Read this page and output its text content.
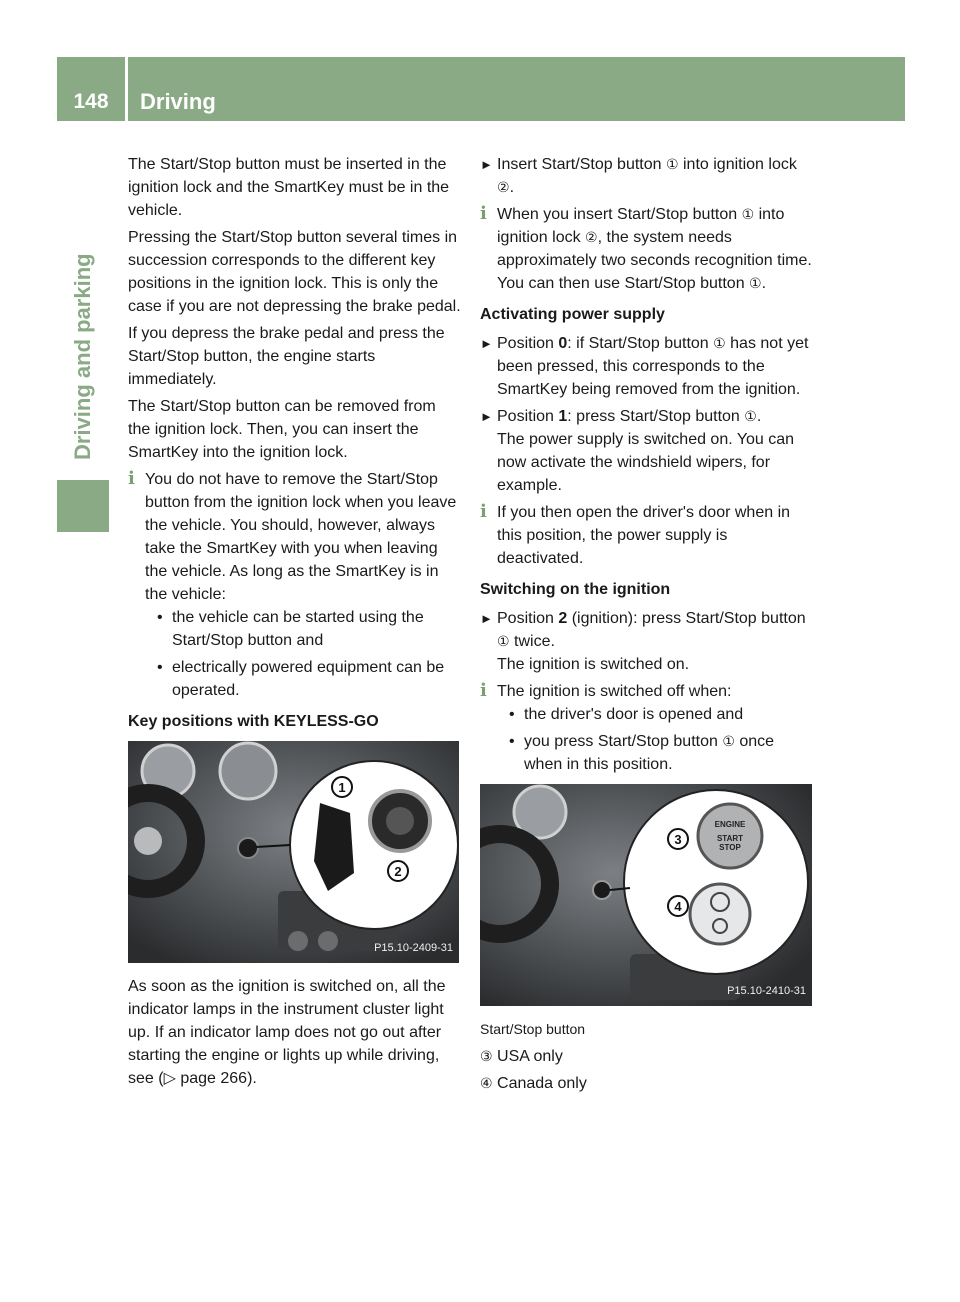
148	Driving
Driving and parking

The Start/Stop button must be inserted in the ignition lock and the SmartKey must be in the vehicle.

Pressing the Start/Stop button several times in succession corresponds to the different key positions in the ignition lock. This is only the case if you are not depressing the brake pedal.

If you depress the brake pedal and press the Start/Stop button, the engine starts immediately.

The Start/Stop button can be removed from the ignition lock. Then, you can insert the SmartKey into the ignition lock.

i You do not have to remove the Start/Stop button from the ignition lock when you leave the vehicle. You should, however, always take the SmartKey with you when leaving the vehicle. As long as the SmartKey is in the vehicle:
• the vehicle can be started using the Start/Stop button and
• electrically powered equipment can be operated.

Key positions with KEYLESS-GO

1
2
P15.10-2409-31

As soon as the ignition is switched on, all the indicator lamps in the instrument cluster light up. If an indicator lamp does not go out after starting the engine or lights up while driving, see (▷ page 266).

► Insert Start/Stop button ① into ignition lock ②.
i When you insert Start/Stop button ① into ignition lock ②, the system needs approximately two seconds recognition time. You can then use Start/Stop button ①.

Activating power supply

► Position 0: if Start/Stop button ① has not yet been pressed, this corresponds to the SmartKey being removed from the ignition.
► Position 1: press Start/Stop button ①.
The power supply is switched on. You can now activate the windshield wipers, for example.
i If you then open the driver's door when in this position, the power supply is deactivated.

Switching on the ignition

► Position 2 (ignition): press Start/Stop button ① twice.
The ignition is switched on.
i The ignition is switched off when:
• the driver's door is opened and
• you press Start/Stop button ① once when in this position.
ENGINE
START
STOP
3
4
P15.10-2410-31

Start/Stop button

③ USA only
④ Canada only
